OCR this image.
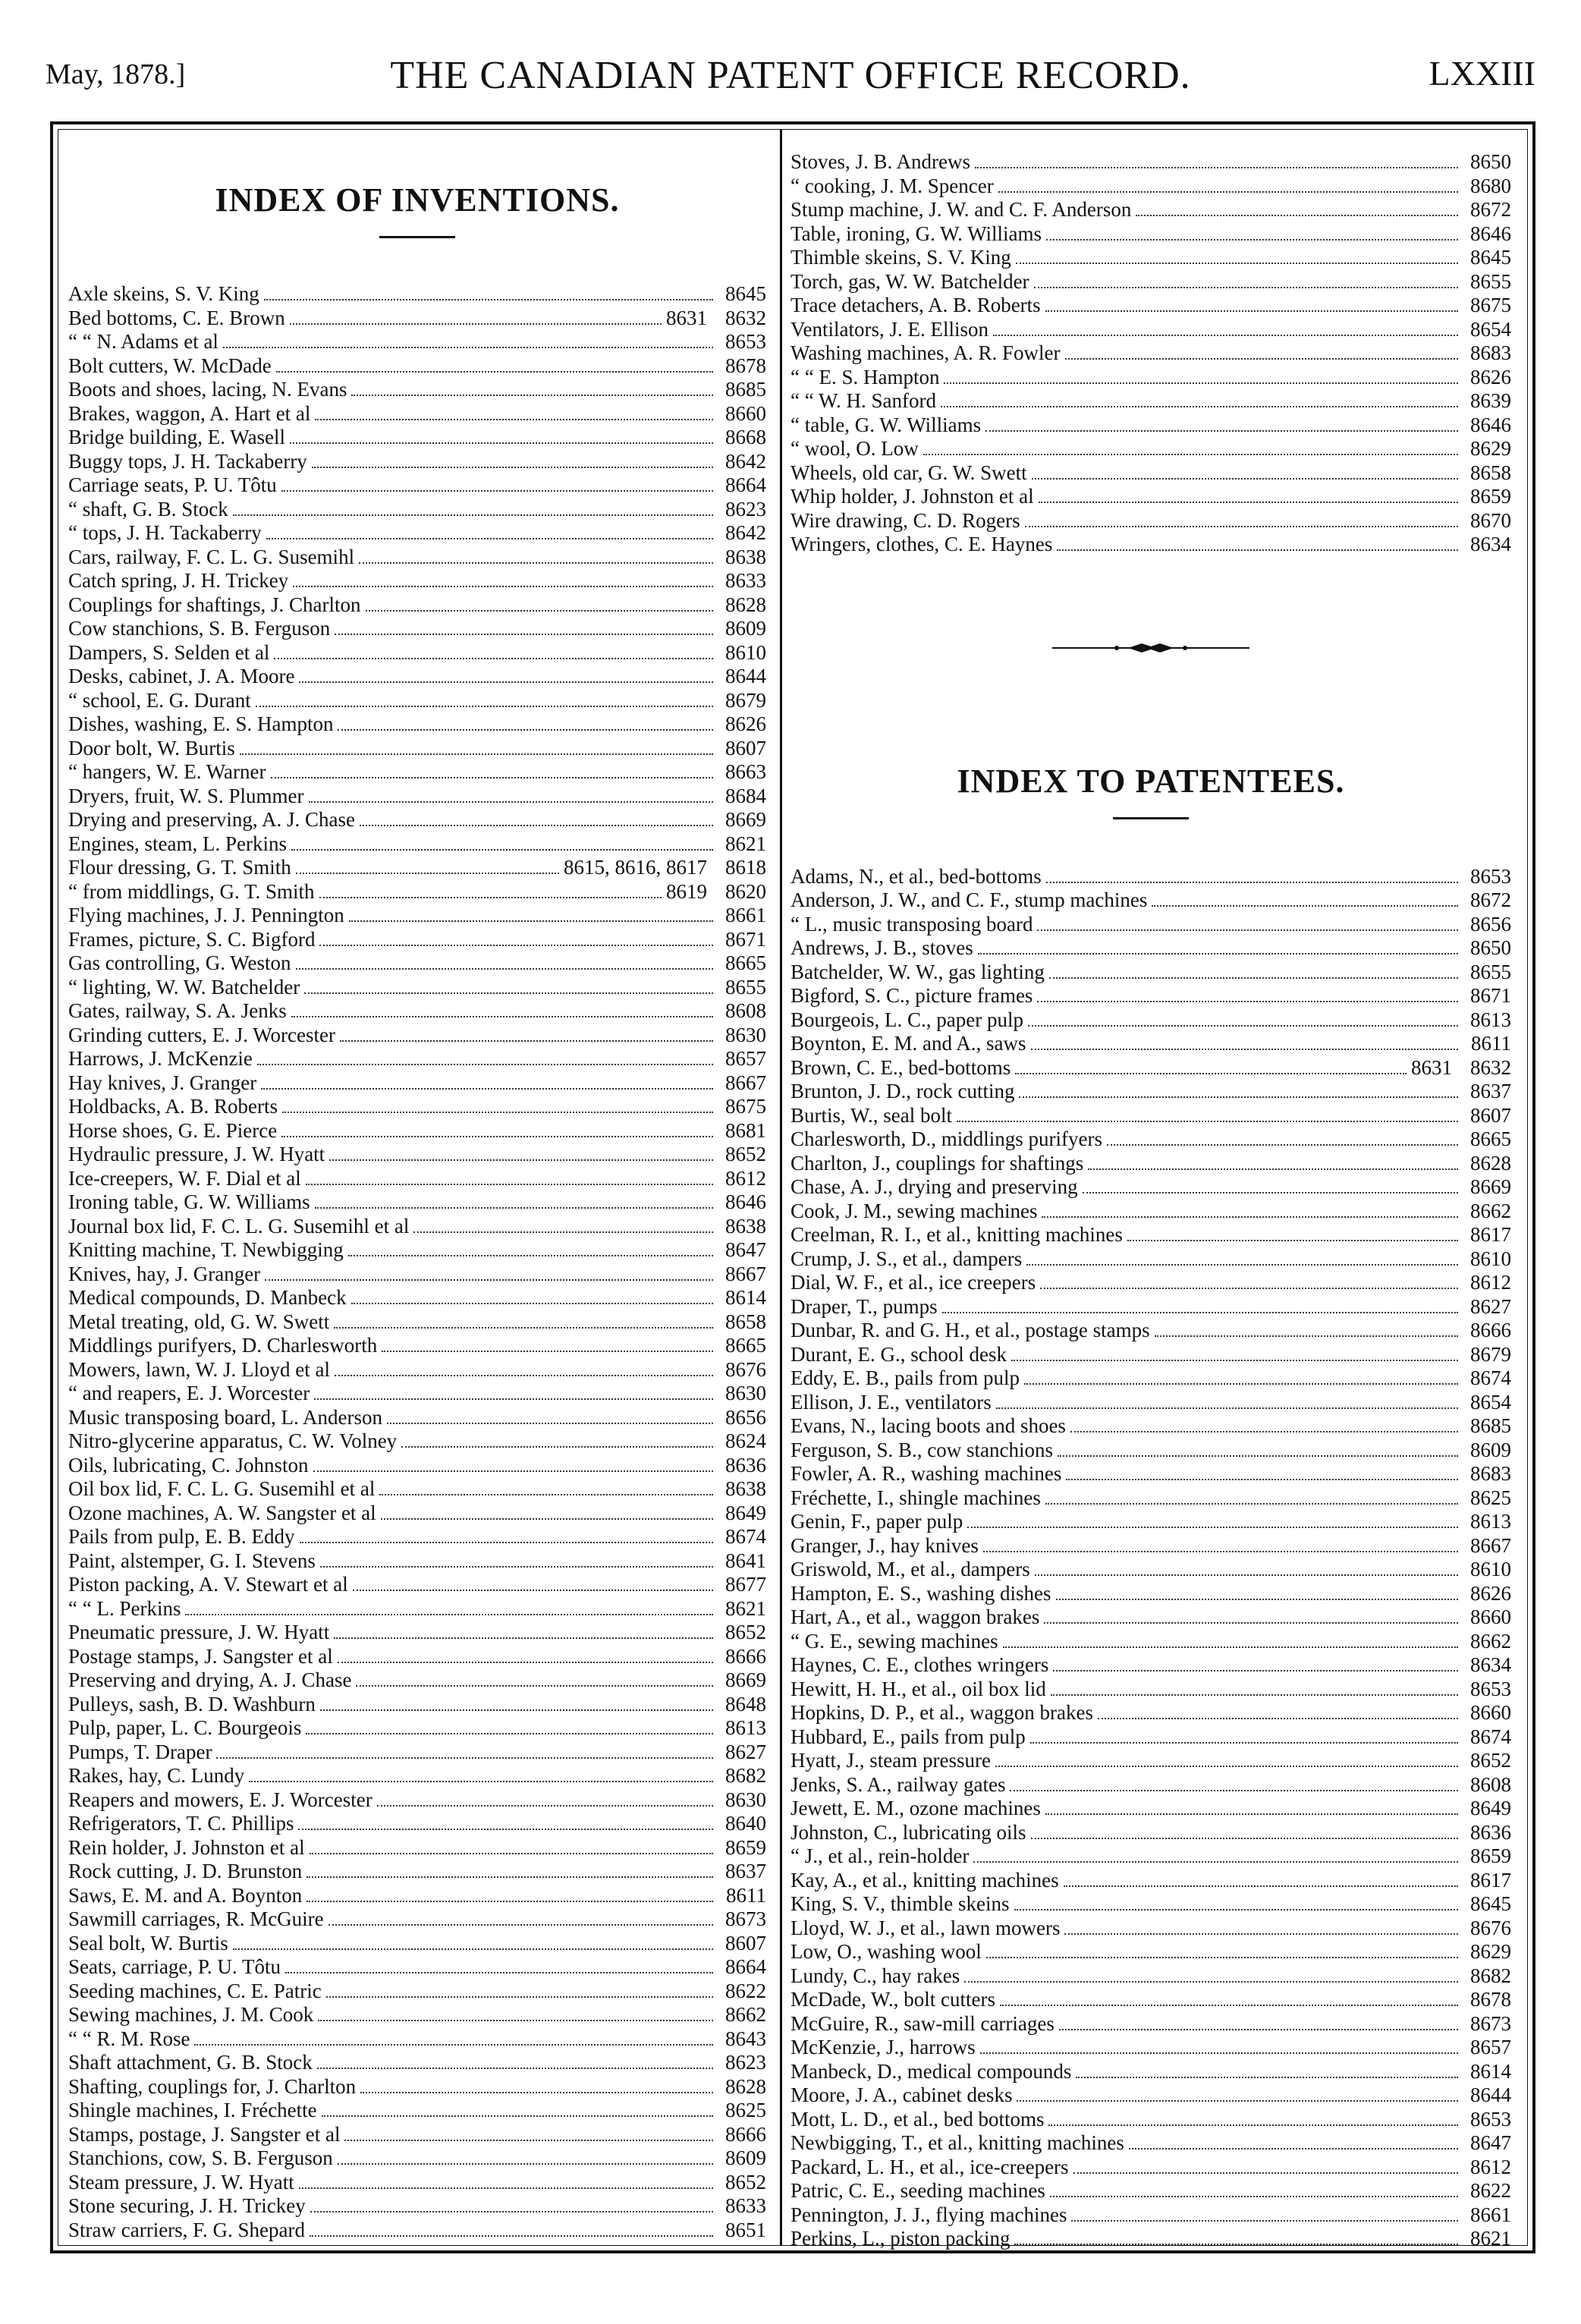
May, 1878.]	THE CANADIAN PATENT OFFICE RECORD.	LXXIII
INDEX OF INVENTIONS.
Axle skeins, S. V. King	8645
Bed bottoms, C. E. Brown	8631 8632
“ “ N. Adams et al	8653
Bolt cutters, W. McDade	8678
Boots and shoes, lacing, N. Evans	8685
Brakes, waggon, A. Hart et al	8660
Bridge building, E. Wasell	8668
Buggy tops, J. H. Tackaberry	8642
Carriage seats, P. U. Tôtu	8664
“ shaft, G. B. Stock	8623
“ tops, J. H. Tackaberry	8642
Cars, railway, F. C. L. G. Susemihl	8638
Catch spring, J. H. Trickey	8633
Couplings for shaftings, J. Charlton	8628
Cow stanchions, S. B. Ferguson	8609
Dampers, S. Selden et al	8610
Desks, cabinet, J. A. Moore	8644
“ school, E. G. Durant	8679
Dishes, washing, E. S. Hampton	8626
Door bolt, W. Burtis	8607
“ hangers, W. E. Warner	8663
Dryers, fruit, W. S. Plummer	8684
Drying and preserving, A. J. Chase	8669
Engines, steam, L. Perkins	8621
Flour dressing, G. T. Smith	8615, 8616, 8617 8618
“ from middlings, G. T. Smith	8619 8620
Flying machines, J. J. Pennington	8661
Frames, picture, S. C. Bigford	8671
Gas controlling, G. Weston	8665
“ lighting, W. W. Batchelder	8655
Gates, railway, S. A. Jenks	8608
Grinding cutters, E. J. Worcester	8630
Harrows, J. McKenzie	8657
Hay knives, J. Granger	8667
Holdbacks, A. B. Roberts	8675
Horse shoes, G. E. Pierce	8681
Hydraulic pressure, J. W. Hyatt	8652
Ice-creepers, W. F. Dial et al	8612
Ironing table, G. W. Williams	8646
Journal box lid, F. C. L. G. Susemihl et al	8638
Knitting machine, T. Newbigging	8647
Knives, hay, J. Granger	8667
Medical compounds, D. Manbeck	8614
Metal treating, old, G. W. Swett	8658
Middlings purifyers, D. Charlesworth	8665
Mowers, lawn, W. J. Lloyd et al	8676
“ and reapers, E. J. Worcester	8630
Music transposing board, L. Anderson	8656
Nitro-glycerine apparatus, C. W. Volney	8624
Oils, lubricating, C. Johnston	8636
Oil box lid, F. C. L. G. Susemihl et al	8638
Ozone machines, A. W. Sangster et al	8649
Pails from pulp, E. B. Eddy	8674
Paint, alstemper, G. I. Stevens	8641
Piston packing, A. V. Stewart et al	8677
“ “ L. Perkins	8621
Pneumatic pressure, J. W. Hyatt	8652
Postage stamps, J. Sangster et al	8666
Preserving and drying, A. J. Chase	8669
Pulleys, sash, B. D. Washburn	8648
Pulp, paper, L. C. Bourgeois	8613
Pumps, T. Draper	8627
Rakes, hay, C. Lundy	8682
Reapers and mowers, E. J. Worcester	8630
Refrigerators, T. C. Phillips	8640
Rein holder, J. Johnston et al	8659
Rock cutting, J. D. Brunston	8637
Saws, E. M. and A. Boynton	8611
Sawmill carriages, R. McGuire	8673
Seal bolt, W. Burtis	8607
Seats, carriage, P. U. Tôtu	8664
Seeding machines, C. E. Patric	8622
Sewing machines, J. M. Cook	8662
“ “ R. M. Rose	8643
Shaft attachment, G. B. Stock	8623
Shafting, couplings for, J. Charlton	8628
Shingle machines, I. Fréchette	8625
Stamps, postage, J. Sangster et al	8666
Stanchions, cow, S. B. Ferguson	8609
Steam pressure, J. W. Hyatt	8652
Stone securing, J. H. Trickey	8633
Straw carriers, F. G. Shepard	8651
Stoves, J. B. Andrews	8650
“ cooking, J. M. Spencer	8680
Stump machine, J. W. and C. F. Anderson	8672
Table, ironing, G. W. Williams	8646
Thimble skeins, S. V. King	8645
Torch, gas, W. W. Batchelder	8655
Trace detachers, A. B. Roberts	8675
Ventilators, J. E. Ellison	8654
Washing machines, A. R. Fowler	8683
“ “ E. S. Hampton	8626
“ “ W. H. Sanford	8639
“ table, G. W. Williams	8646
“ wool, O. Low	8629
Wheels, old car, G. W. Swett	8658
Whip holder, J. Johnston et al	8659
Wire drawing, C. D. Rogers	8670
Wringers, clothes, C. E. Haynes	8634
INDEX TO PATENTEES.
Adams, N., et al., bed-bottoms	8653
Anderson, J. W., and C. F., stump machines	8672
“ L., music transposing board	8656
Andrews, J. B., stoves	8650
Batchelder, W. W., gas lighting	8655
Bigford, S. C., picture frames	8671
Bourgeois, L. C., paper pulp	8613
Boynton, E. M. and A., saws	8611
Brown, C. E., bed-bottoms	8631 8632
Brunton, J. D., rock cutting	8637
Burtis, W., seal bolt	8607
Charlesworth, D., middlings purifyers	8665
Charlton, J., couplings for shaftings	8628
Chase, A. J., drying and preserving	8669
Cook, J. M., sewing machines	8662
Creelman, R. I., et al., knitting machines	8617
Crump, J. S., et al., dampers	8610
Dial, W. F., et al., ice creepers	8612
Draper, T., pumps	8627
Dunbar, R. and G. H., et al., postage stamps	8666
Durant, E. G., school desk	8679
Eddy, E. B., pails from pulp	8674
Ellison, J. E., ventilators	8654
Evans, N., lacing boots and shoes	8685
Ferguson, S. B., cow stanchions	8609
Fowler, A. R., washing machines	8683
Fréchette, I., shingle machines	8625
Genin, F., paper pulp	8613
Granger, J., hay knives	8667
Griswold, M., et al., dampers	8610
Hampton, E. S., washing dishes	8626
Hart, A., et al., waggon brakes	8660
“ G. E., sewing machines	8662
Haynes, C. E., clothes wringers	8634
Hewitt, H. H., et al., oil box lid	8653
Hopkins, D. P., et al., waggon brakes	8660
Hubbard, E., pails from pulp	8674
Hyatt, J., steam pressure	8652
Jenks, S. A., railway gates	8608
Jewett, E. M., ozone machines	8649
Johnston, C., lubricating oils	8636
“ J., et al., rein-holder	8659
Kay, A., et al., knitting machines	8617
King, S. V., thimble skeins	8645
Lloyd, W. J., et al., lawn mowers	8676
Low, O., washing wool	8629
Lundy, C., hay rakes	8682
McDade, W., bolt cutters	8678
McGuire, R., saw-mill carriages	8673
McKenzie, J., harrows	8657
Manbeck, D., medical compounds	8614
Moore, J. A., cabinet desks	8644
Mott, L. D., et al., bed bottoms	8653
Newbigging, T., et al., knitting machines	8647
Packard, L. H., et al., ice-creepers	8612
Patric, C. E., seeding machines	8622
Pennington, J. J., flying machines	8661
Perkins, L., piston packing	8621
